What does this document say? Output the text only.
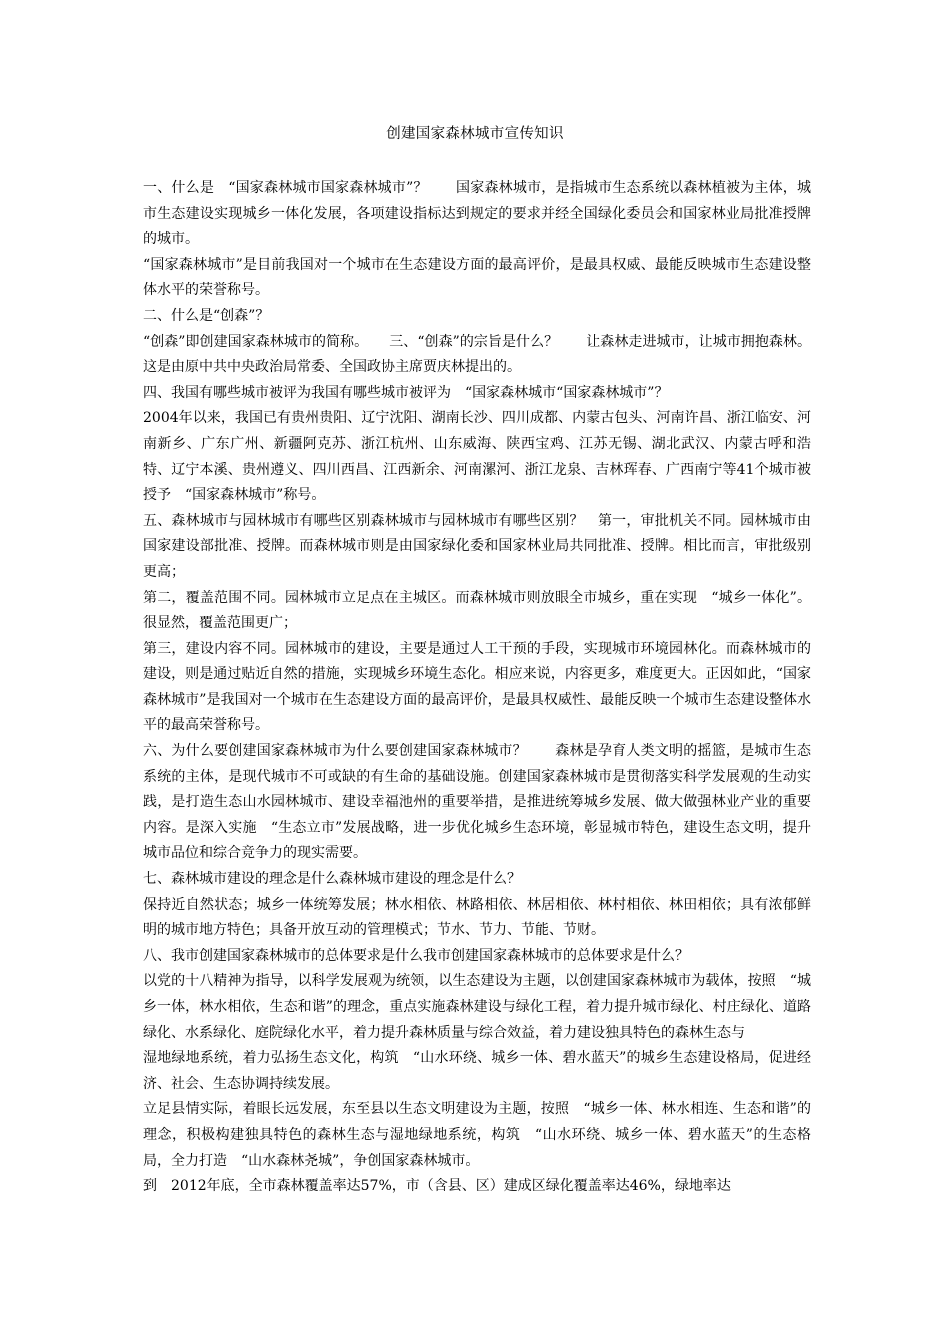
创建国家森林城市宣传知识

一、什么是　“国家森林城市国家森林城市”？　　国家森林城市，是指城市生态系统以森林植被为主体，城市生态建设实现城乡一体化发展，各项建设指标达到规定的要求并经全国绿化委员会和国家林业局批准授牌的城市。

“国家森林城市”是目前我国对一个城市在生态建设方面的最高评价，是最具权威、最能反映城市生态建设整体水平的荣誉称号。

二、什么是“创森”？

“创森”即创建国家森林城市的简称。　　三、“创森”的宗旨是什么？　　让森林走进城市，让城市拥抱森林。这是由原中共中央政治局常委、全国政协主席贾庆林提出的。

四、我国有哪些城市被评为我国有哪些城市被评为　“国家森林城市“国家森林城市”？

2004年以来，我国已有贵州贵阳、辽宁沈阳、湖南长沙、四川成都、内蒙古包头、河南许昌、浙江临安、河南新乡、广东广州、新疆阿克苏、浙江杭州、山东威海、陕西宝鸡、江苏无锡、湖北武汉、内蒙古呼和浩特、辽宁本溪、贵州遵义、四川西昌、江西新余、河南漯河、浙江龙泉、吉林珲春、广西南宁等41个城市被授予　“国家森林城市”称号。

五、森林城市与园林城市有哪些区别森林城市与园林城市有哪些区别？　第一，审批机关不同。园林城市由国家建设部批准、授牌。而森林城市则是由国家绿化委和国家林业局共同批准、授牌。相比而言，审批级别更高；

第二，覆盖范围不同。园林城市立足点在主城区。而森林城市则放眼全市城乡，重在实现　“城乡一体化”。很显然，覆盖范围更广；

第三，建设内容不同。园林城市的建设，主要是通过人工干预的手段，实现城市环境园林化。而森林城市的建设，则是通过贴近自然的措施，实现城乡环境生态化。相应来说，内容更多，难度更大。正因如此，“国家森林城市”是我国对一个城市在生态建设方面的最高评价，是最具权威性、最能反映一个城市生态建设整体水平的最高荣誉称号。

六、为什么要创建国家森林城市为什么要创建国家森林城市？　　森林是孕育人类文明的摇篮，是城市生态系统的主体，是现代城市不可或缺的有生命的基础设施。创建国家森林城市是贯彻落实科学发展观的生动实践，是打造生态山水园林城市、建设幸福池州的重要举措，是推进统筹城乡发展、做大做强林业产业的重要内容。是深入实施　“生态立市”发展战略，进一步优化城乡生态环境，彰显城市特色，建设生态文明，提升城市品位和综合竞争力的现实需要。

七、森林城市建设的理念是什么森林城市建设的理念是什么？

保持近自然状态；城乡一体统筹发展；林水相依、林路相依、林居相依、林村相依、林田相依；具有浓郁鲜明的城市地方特色；具备开放互动的管理模式；节水、节力、节能、节财。

八、我市创建国家森林城市的总体要求是什么我市创建国家森林城市的总体要求是什么？

以党的十八精神为指导，以科学发展观为统领，以生态建设为主题，以创建国家森林城市为载体，按照　“城乡一体，林水相依，生态和谐”的理念，重点实施森林建设与绿化工程，着力提升城市绿化、村庄绿化、道路绿化、水系绿化、庭院绿化水平，着力提升森林质量与综合效益，着力建设独具特色的森林生态与

湿地绿地系统，着力弘扬生态文化，构筑　“山水环绕、城乡一体、碧水蓝天”的城乡生态建设格局，促进经济、社会、生态协调持续发展。

立足县情实际，着眼长远发展，东至县以生态文明建设为主题，按照　“城乡一体、林水相连、生态和谐”的理念，积极构建独具特色的森林生态与湿地绿地系统，构筑　“山水环绕、城乡一体、碧水蓝天”的生态格局，全力打造　“山水森林尧城”，争创国家森林城市。

到　2012年底，全市森林覆盖率达57%，市（含县、区）建成区绿化覆盖率达46%，绿地率达
